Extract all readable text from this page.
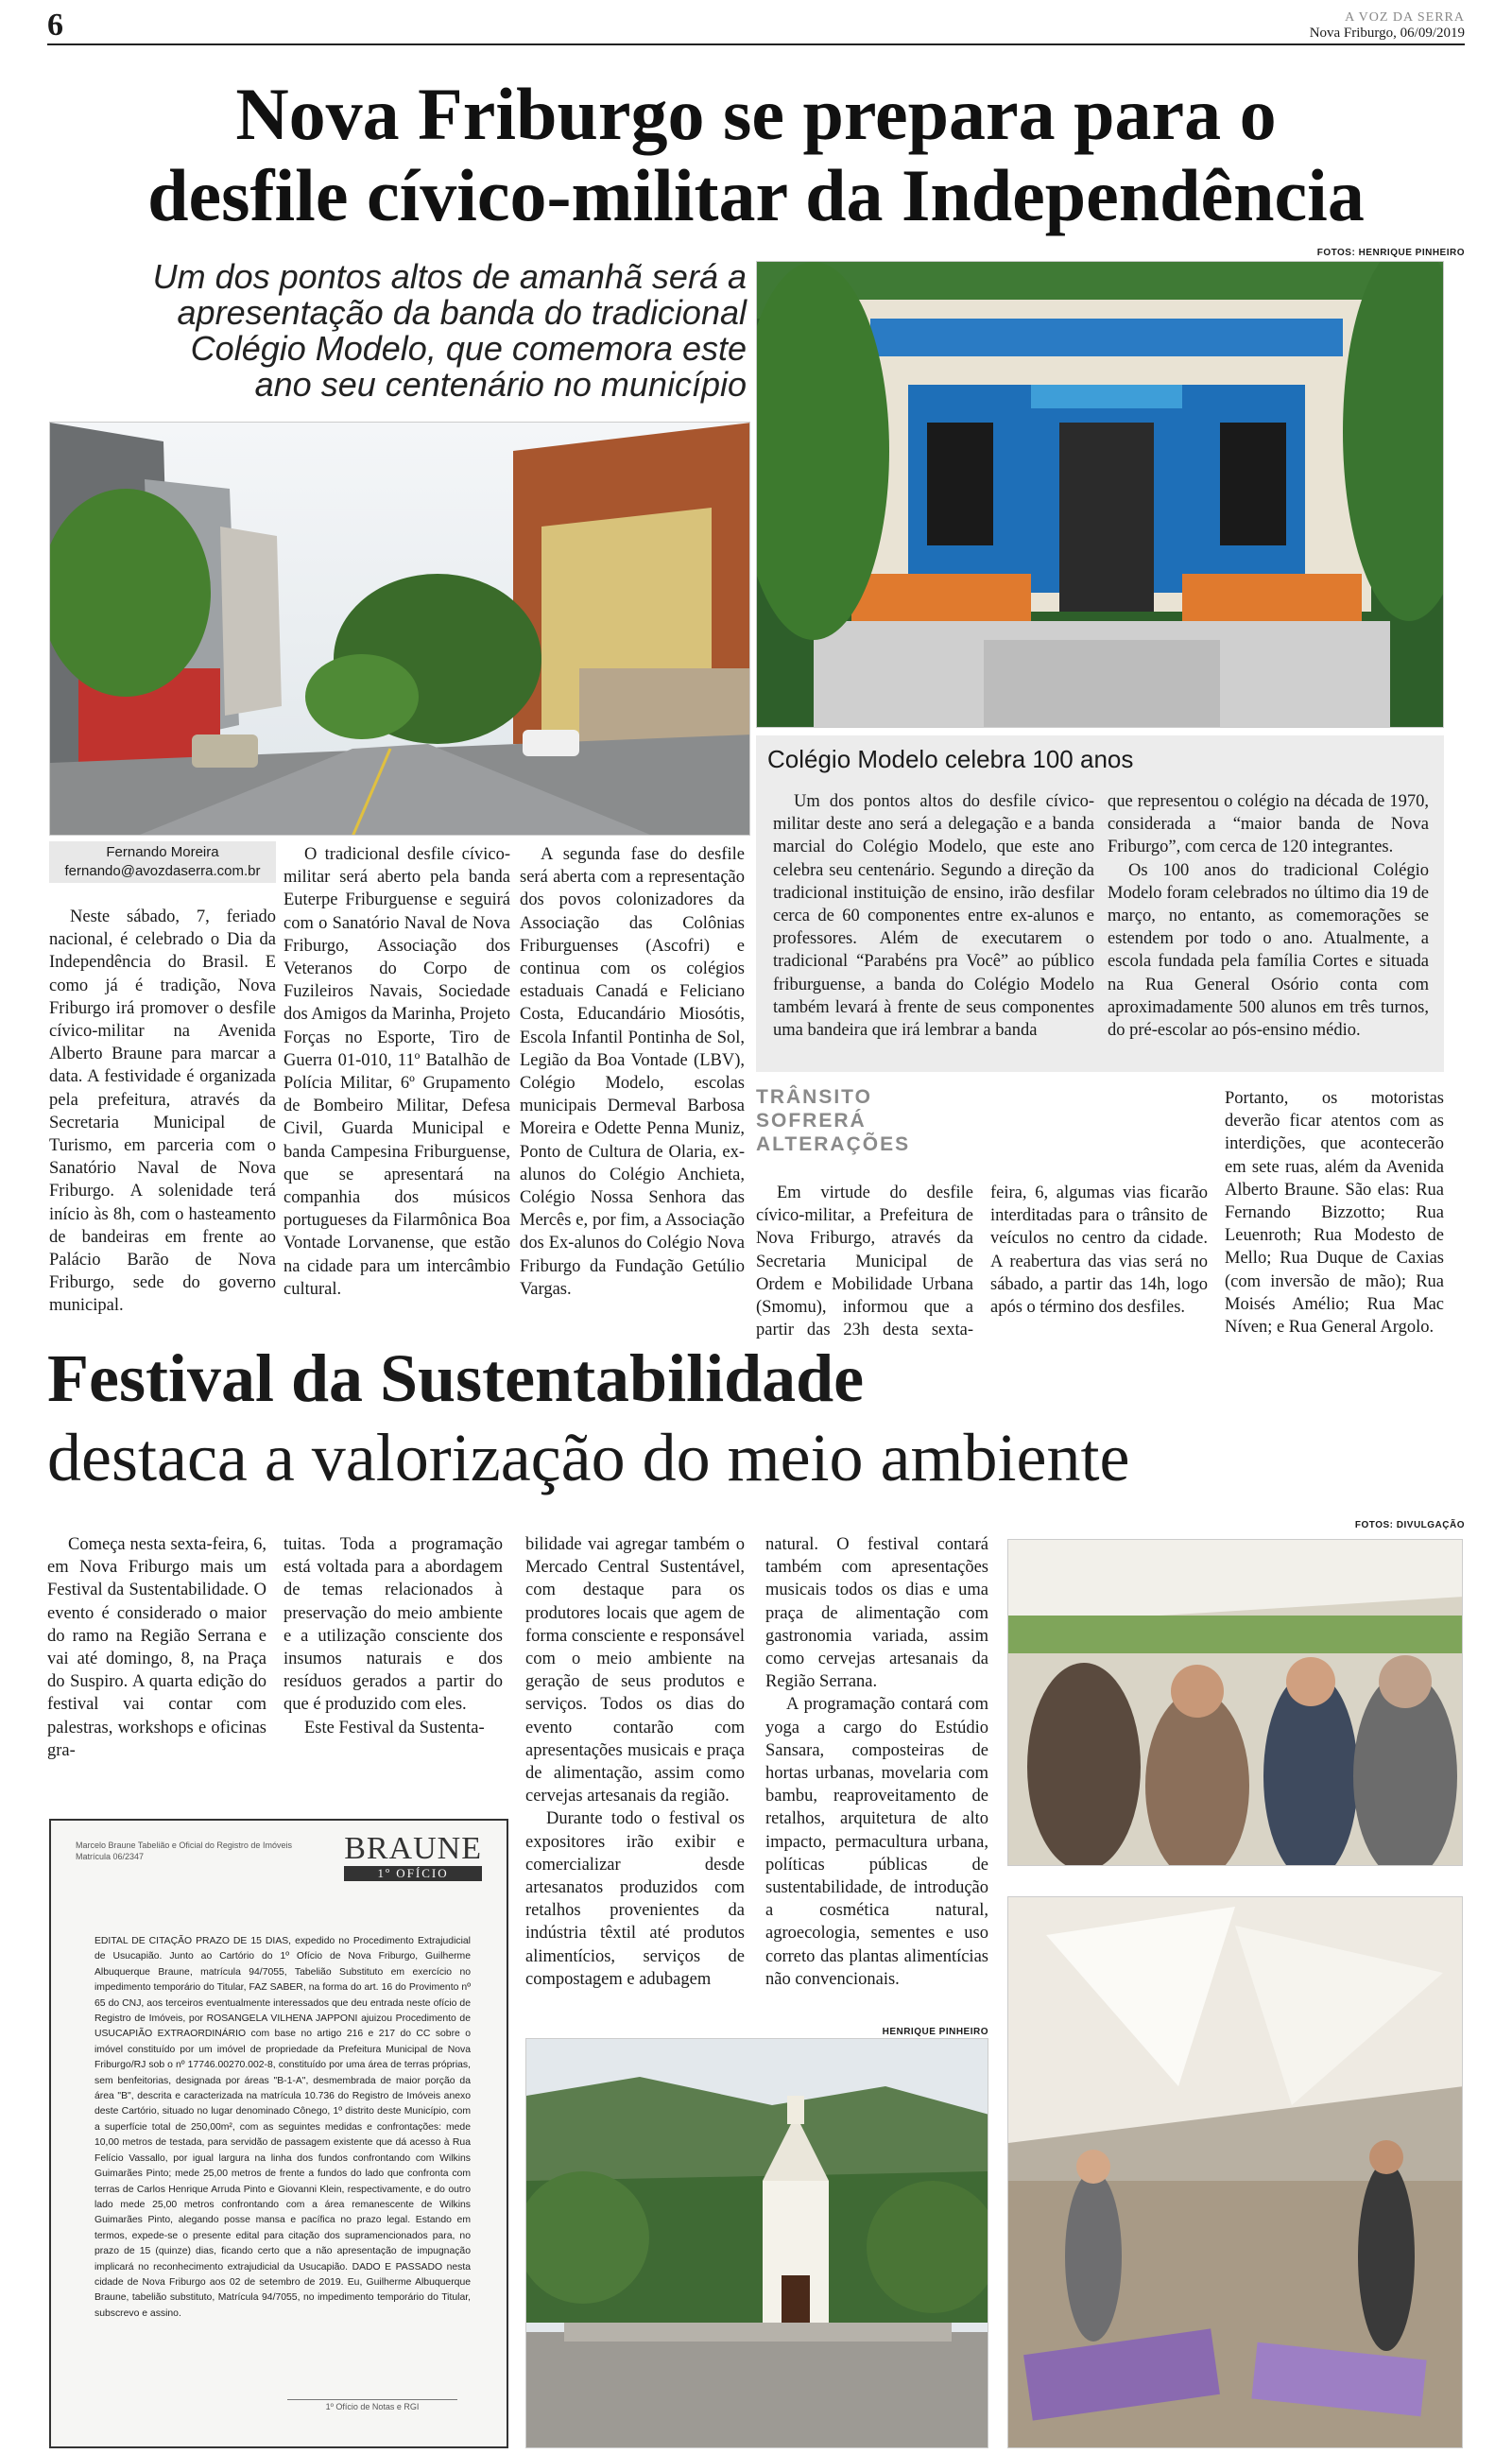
6	A VOZ DA SERRA
Nova Friburgo, 06/09/2019
Nova Friburgo se prepara para o
desfile cívico-militar da Independência
Um dos pontos altos de amanhã será a
apresentação da banda do tradicional
Colégio Modelo, que comemora este
ano seu centenário no município
FOTOS: HENRIQUE PINHEIRO
Fernando Moreira
fernando@avozdaserra.com.br

Neste sábado, 7, feriado nacional, é celebrado o Dia da Independência do Brasil. E como já é tradição, Nova Friburgo irá promover o desfile cívico-militar na Avenida Alberto Braune para marcar a data. A festividade é organizada pela prefeitura, através da Secretaria Municipal de Turismo, em parceria com o Sanatório Naval de Nova Friburgo. A solenidade terá início às 8h, com o hasteamento de bandeiras em frente ao Palácio Barão de Nova Friburgo, sede do governo municipal.

O tradicional desfile cívico-militar será aberto pela banda Euterpe Friburguense e seguirá com o Sanatório Naval de Nova Friburgo, Associação dos Veteranos do Corpo de Fuzileiros Navais, Sociedade dos Amigos da Marinha, Projeto Forças no Esporte, Tiro de Guerra 01-010, 11º Batalhão de Polícia Militar, 6º Grupamento de Bombeiro Militar, Defesa Civil, Guarda Municipal e banda Campesina Friburguense, que se apresentará na companhia dos músicos portugueses da Filarmônica Boa Vontade Lorvanense, que estão na cidade para um intercâmbio cultural.

A segunda fase do desfile será aberta com a representação dos povos colonizadores da Associação das Colônias Friburguenses (Ascofri) e continua com os colégios estaduais Canadá e Feliciano Costa, Educandário Miosótis, Escola Infantil Pontinha de Sol, Legião da Boa Vontade (LBV), Colégio Modelo, escolas municipais Dermeval Barbosa Moreira e Odette Penna Muniz, Ponto de Cultura de Olaria, ex-alunos do Colégio Anchieta, Colégio Nossa Senhora das Mercês e, por fim, a Associação dos Ex-alunos do Colégio Nova Friburgo da Fundação Getúlio Vargas.

Colégio Modelo celebra 100 anos

Um dos pontos altos do desfile cívico-militar deste ano será a delegação e a banda marcial do Colégio Modelo, que este ano celebra seu centenário. Segundo a direção da tradicional instituição de ensino, irão desfilar cerca de 60 componentes entre ex-alunos e professores. Além de executarem o tradicional “Parabéns pra Você” ao público friburguense, a banda do Colégio Modelo também levará à frente de seus componentes uma bandeira que irá lembrar a banda

que representou o colégio na década de 1970, considerada a “maior banda de Nova Friburgo”, com cerca de 120 integrantes.

Os 100 anos do tradicional Colégio Modelo foram celebrados no último dia 19 de março, no entanto, as comemorações se estendem por todo o ano. Atualmente, a escola fundada pela família Cortes e situada na Rua General Osório conta com aproximadamente 500 alunos em três turnos, do pré-escolar ao pós-ensino médio.

TRÂNSITO
SOFRERÁ
ALTERAÇÕES

Em virtude do desfile cívico-militar, a Prefeitura de Nova Friburgo, através da Secretaria Municipal de Ordem e Mobilidade Urbana (Smomu), informou que a partir das 23h desta sexta-feira, 6, algumas vias ficarão interditadas para o trânsito de veículos no centro da cidade. A reabertura das vias será no sábado, a partir das 14h, logo após o término dos desfiles.

Portanto, os motoristas deverão ficar atentos com as interdições, que acontecerão em sete ruas, além da Avenida Alberto Braune. São elas: Rua Fernando Bizzotto; Rua Leuenroth; Rua Modesto de Mello; Rua Duque de Caxias (com inversão de mão); Rua Moisés Amélio; Rua Mac Níven; e Rua General Argolo.

Festival da Sustentabilidade
destaca a valorização do meio ambiente
FOTOS: DIVULGAÇÃO

Começa nesta sexta-feira, 6, em Nova Friburgo mais um Festival da Sustentabilidade. O evento é considerado o maior do ramo na Região Serrana e vai até domingo, 8, na Praça do Suspiro. A quarta edição do festival vai contar com palestras, workshops e oficinas gra-

tuitas. Toda a programação está voltada para a abordagem de temas relacionados à preservação do meio ambiente e a utilização consciente dos insumos naturais e dos resíduos gerados a partir do que é produzido com eles.

Este Festival da Sustenta-

bilidade vai agregar também o Mercado Central Sustentável, com destaque para os produtores locais que agem de forma consciente e responsável com o meio ambiente na geração de seus produtos e serviços. Todos os dias do evento contarão com apresentações musicais e praça de alimentação, assim como cervejas artesanais da região.

Durante todo o festival os expositores irão exibir e comercializar desde artesanatos produzidos com retalhos provenientes da indústria têxtil até produtos alimentícios, serviços de compostagem e adubagem

natural. O festival contará também com apresentações musicais todos os dias e uma praça de alimentação com gastronomia variada, assim como cervejas artesanais da Região Serrana.

A programação contará com yoga a cargo do Estúdio Sansara, composteiras de hortas urbanas, movelaria com bambu, reaproveitamento de retalhos, arquitetura de alto impacto, permacultura urbana, políticas públicas de sustentabilidade, de introdução a cosmética natural, agroecologia, sementes e uso correto das plantas alimentícias não convencionais.

HENRIQUE PINHEIRO
Marcelo Braune Tabelião e Oficial do Registro de Imóveis Matrícula 06/2347	BRAUNE
1º OFÍCIO
EDITAL DE CITAÇÃO PRAZO DE 15 DIAS, expedido no Procedimento Extrajudicial de Usucapião. Junto ao Cartório do 1º Ofício de Nova Friburgo, Guilherme Albuquerque Braune, matrícula 94/7055, Tabelião Substituto em exercício no impedimento temporário do Titular, FAZ SABER, na forma do art. 16 do Provimento nº 65 do CNJ, aos terceiros eventualmente interessados que deu entrada neste ofício de Registro de Imóveis, por ROSANGELA VILHENA JAPPONI ajuizou Procedimento de USUCAPIÃO EXTRAORDINÁRIO com base no artigo 216 e 217 do CC sobre o imóvel constituído por um imóvel de propriedade da Prefeitura Municipal de Nova Friburgo/RJ sob o nº 17746.00270.002-8, constituído por uma área de terras próprias, sem benfeitorias, designada por áreas "B-1-A", desmembrada de maior porção da área "B", descrita e caracterizada na matrícula 10.736 do Registro de Imóveis anexo deste Cartório, situado no lugar denominado Cônego, 1º distrito deste Município, com a superfície total de 250,00m², com as seguintes medidas e confrontações: mede 10,00 metros de testada, para servidão de passagem existente que dá acesso à Rua Felício Vassallo, por igual largura na linha dos fundos confrontando com Wilkins Guimarães Pinto; mede 25,00 metros de frente a fundos do lado que confronta com terras de Carlos Henrique Arruda Pinto e Giovanni Klein, respectivamente, e do outro lado mede 25,00 metros confrontando com a área remanescente de Wilkins Guimarães Pinto, alegando posse mansa e pacífica no prazo legal. Estando em termos, expede-se o presente edital para citação dos supramencionados para, no prazo de 15 (quinze) dias, ficando certo que a não apresentação de impugnação implicará no reconhecimento extrajudicial da Usucapião. DADO E PASSADO nesta cidade de Nova Friburgo aos 02 de setembro de 2019. Eu, Guilherme Albuquerque Braune, tabelião substituto, Matrícula 94/7055, no impedimento temporário do Titular, subscrevo e assino.
1º Ofício de Notas e RGI
